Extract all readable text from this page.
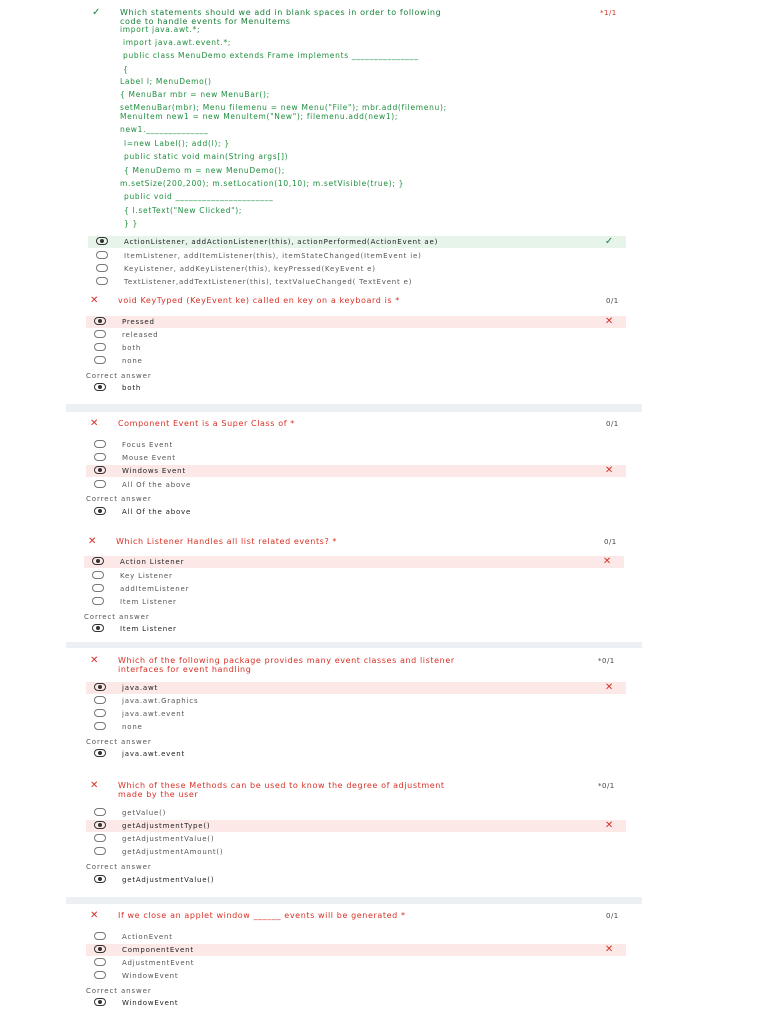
✓ Which statements should we add in blank spaces in order to following
code to handle events for MenuItems
*1/1
import java.awt.*;
import java.awt.event.*;
public class MenuDemo extends Frame implements _______________
{
Label l; MenuDemo()
{ MenuBar mbr = new MenuBar();
setMenuBar(mbr); Menu filemenu = new Menu("File"); mbr.add(filemenu);
MenuItem new1 = new MenuItem("New"); filemenu.add(new1);
new1.______________
l=new Label(); add(l); }
public static void main(String args[])
{ MenuDemo m = new MenuDemo();
m.setSize(200,200); m.setLocation(10,10); m.setVisible(true); }
public void ______________________
{ l.setText("New Clicked");
} }
ActionListener, addActionListener(this), actionPerformed(ActionEvent ae)	✓
ItemListener, addItemListener(this), itemStateChanged(ItemEvent ie)
KeyListener, addKeyListener(this), keyPressed(KeyEvent e)
TextListener,addTextListener(this), textValueChanged( TextEvent e)
✕ void KeyTyped (KeyEvent ke) called en key on a keyboard is *	0/1
Pressed	✕
released
both
none
Correct answer
both
✕ Component Event is a Super Class of *	0/1
Focus Event
Mouse Event
Windows Event	✕
All Of the above
Correct answer
All Of the above
✕ Which Listener Handles all list related events? *	0/1
Action Listener	✕
Key Listener
addItemListener
Item Listener
Correct answer
Item Listener
✕ Which of the following package provides many event classes and listener
interfaces for event handling
*0/1
java.awt	✕
java.awt.Graphics
java.awt.event
none
Correct answer
java.awt.event
✕ Which of these Methods can be used to know the degree of adjustment
made by the user
*0/1
getValue()
getAdjustmentType()	✕
getAdjustmentValue()
getAdjustmentAmount()
Correct answer
getAdjustmentValue()
✕ If we close an applet window ______ events will be generated *	0/1
ActionEvent
ComponentEvent	✕
AdjustmentEvent
WindowEvent
Correct answer
WindowEvent
